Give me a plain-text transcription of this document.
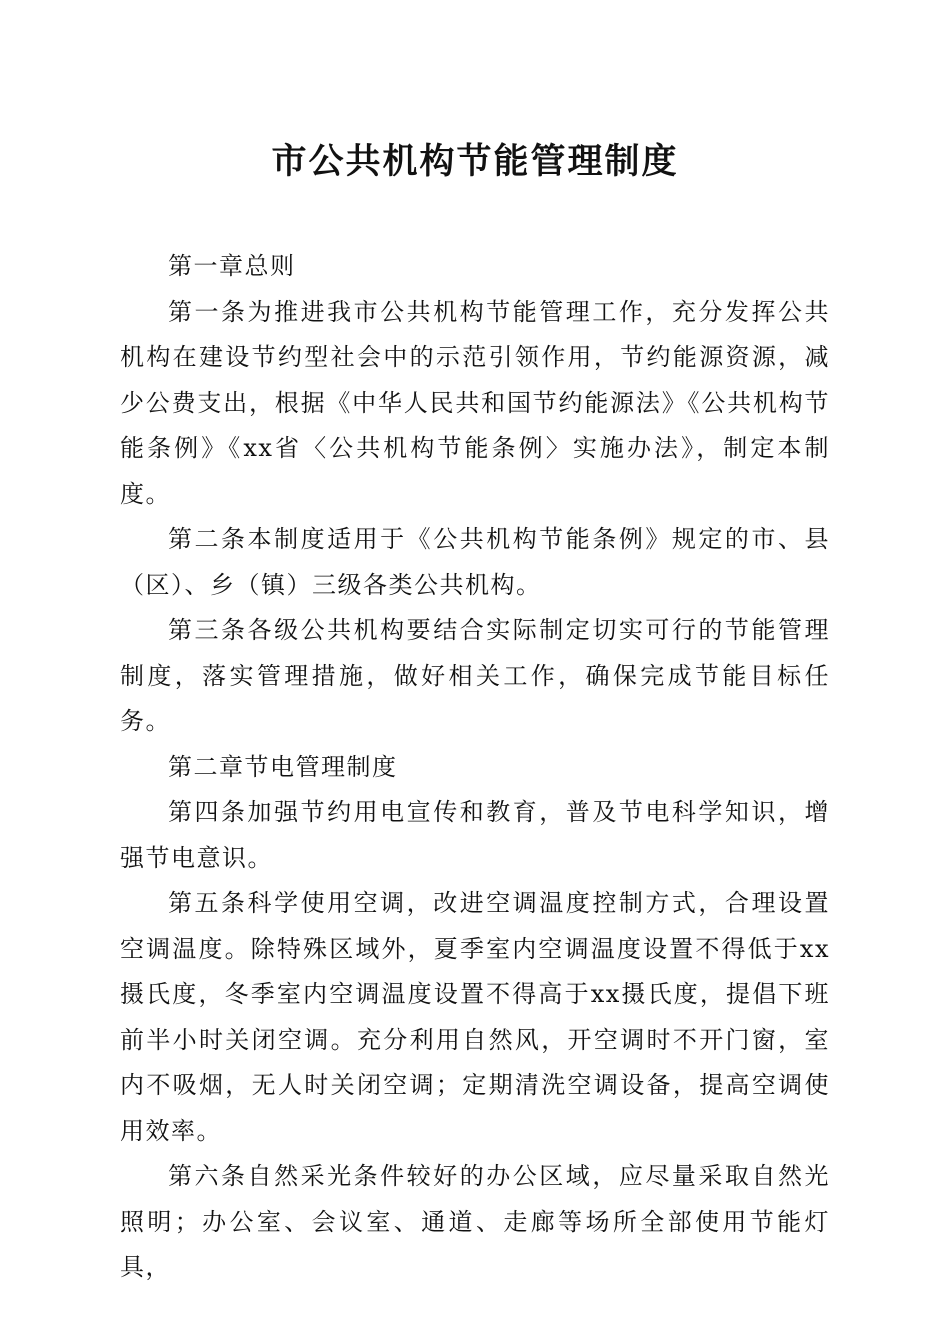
市公共机构节能管理制度

第一章总则

第一条为推进我市公共机构节能管理工作，充分发挥公共机构在建设节约型社会中的示范引领作用，节约能源资源，减少公费支出，根据《中华人民共和国节约能源法》《公共机构节能条例》《xx省〈公共机构节能条例〉实施办法》，制定本制度。

第二条本制度适用于《公共机构节能条例》规定的市、县（区）、乡（镇）三级各类公共机构。

第三条各级公共机构要结合实际制定切实可行的节能管理制度，落实管理措施，做好相关工作，确保完成节能目标任务。

第二章节电管理制度

第四条加强节约用电宣传和教育，普及节电科学知识，增强节电意识。

第五条科学使用空调，改进空调温度控制方式，合理设置空调温度。除特殊区域外，夏季室内空调温度设置不得低于xx摄氏度，冬季室内空调温度设置不得高于xx摄氏度，提倡下班前半小时关闭空调。充分利用自然风，开空调时不开门窗，室内不吸烟，无人时关闭空调；定期清洗空调设备，提高空调使用效率。

第六条自然采光条件较好的办公区域，应尽量采取自然光照明；办公室、会议室、通道、走廊等场所全部使用节能灯具，
